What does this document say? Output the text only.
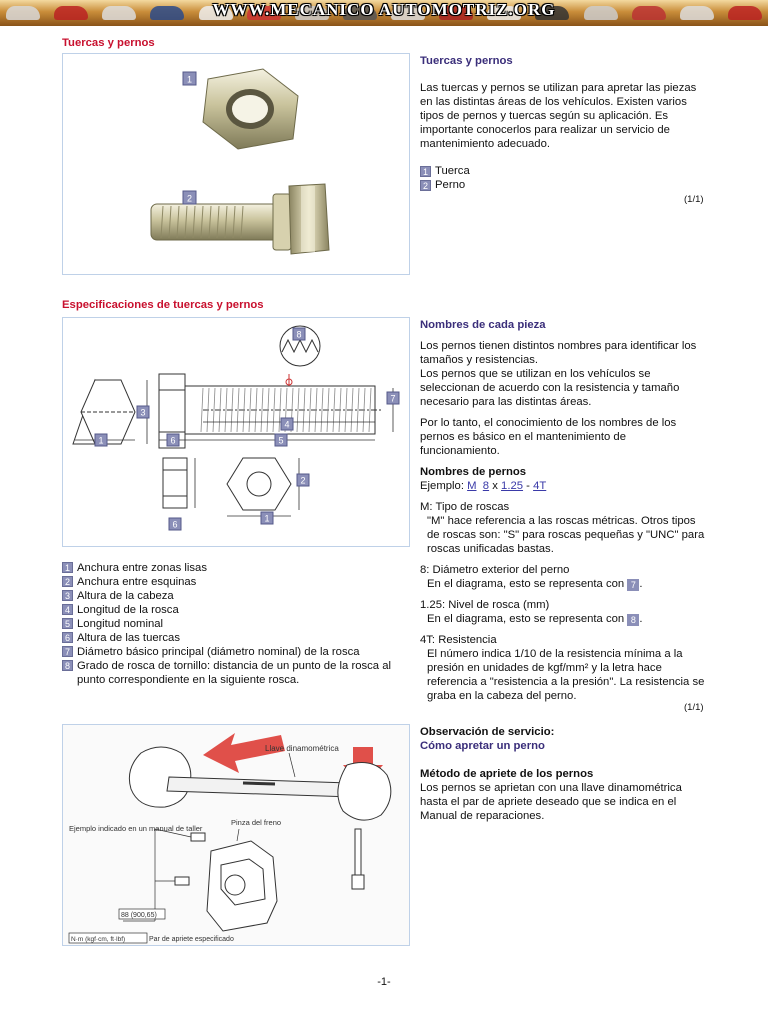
WWW.MECANICO AUTOMOTRIZ.ORG
Tuercas y pernos
1
2
Tuercas y pernos
Las tuercas y pernos se utilizan para apretar las piezas en las distintas áreas de los vehículos. Existen varios tipos de pernos y tuercas según su aplicación. Es importante conocerlos para realizar un servicio de mantenimiento adecuado.
1 Tuerca
2 Perno
(1/1)
Especificaciones de tuercas y pernos
8
3
7
1	6
4
5
6
2
1
1 Anchura entre zonas lisas
2 Anchura entre esquinas
3 Altura de la cabeza
4 Longitud de la rosca
5 Longitud nominal
6 Altura de las tuercas
7 Diámetro básico principal (diámetro nominal) de la rosca
8 Grado de rosca de tornillo: distancia de un punto de la rosca al punto correspondiente en la siguiente rosca.
Nombres de cada pieza
Los pernos tienen distintos nombres para identificar los tamaños y resistencias.
Los pernos que se utilizan en los vehículos se seleccionan de acuerdo con la resistencia y tamaño necesario para las distintas áreas.
Por lo tanto, el conocimiento de los nombres de los pernos es básico en el mantenimiento de funcionamiento.
Nombres de pernos
Ejemplo: M 8 x 1.25 - 4T
M: Tipo de roscas
"M" hace referencia a las roscas métricas. Otros tipos de roscas son: "S" para roscas pequeñas y "UNC" para roscas unificadas bastas.
8: Diámetro exterior del perno
En el diagrama, esto se representa con 7 .
1.25: Nivel de rosca (mm)
En el diagrama, esto se representa con 8 .
4T: Resistencia
El número indica 1/10 de la resistencia mínima a la presión en unidades de kgf/mm² y la letra hace referencia a "resistencia a la presión". La resistencia se graba en la cabeza del perno.
(1/1)
Llave dinamométrica
Ejemplo indicado en un manual de taller
Pinza del freno
88 (900,65)
N·m (kgf·cm, ft·lbf)	Par de apriete especificado
Observación de servicio:
Cómo apretar un perno
Método de apriete de los pernos
Los pernos se aprietan con una llave dinamométrica hasta el par de apriete deseado que se indica en el Manual de reparaciones.
-1-
